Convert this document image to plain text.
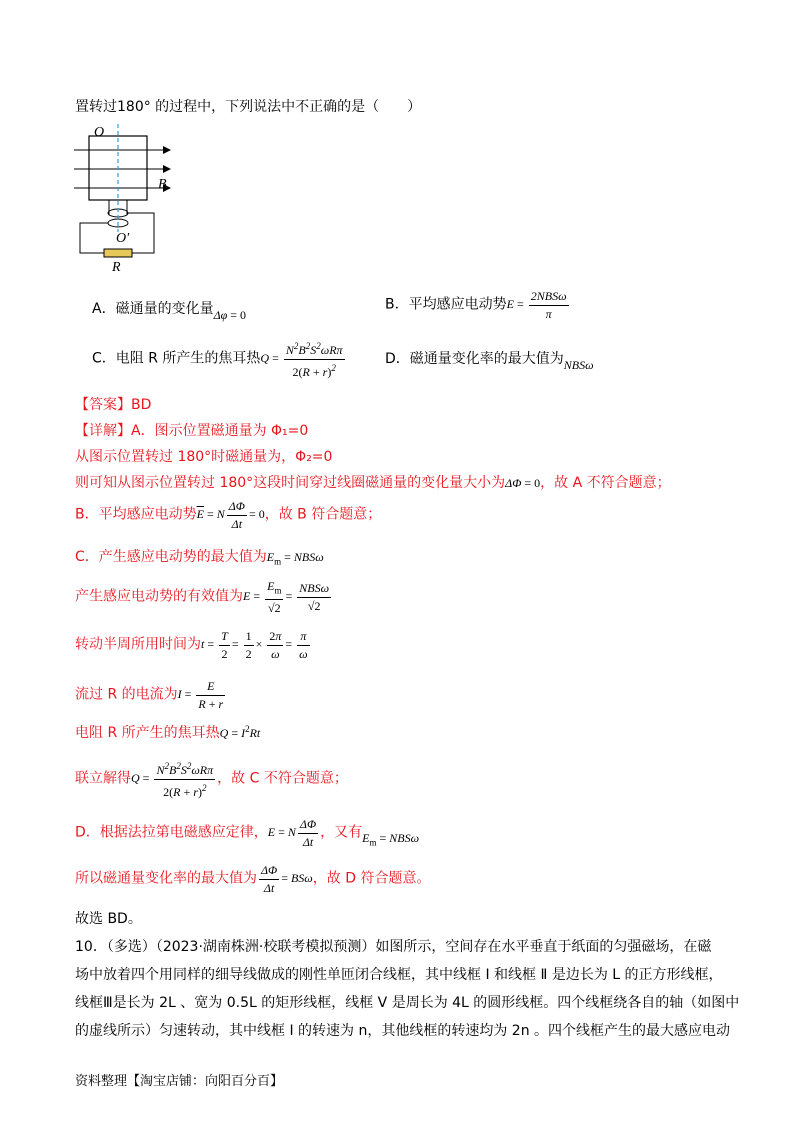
置转过180° 的过程中，下列说法中不正确的是（　　）
O
B
O′
R
A．磁通量的变化量Δφ = 0
B．平均感应电动势$E = \frac{\text{2NBSω}}{\pi}$
C．电阻 R 所产生的焦耳热$Q = \frac{N^2B^2S^2\omega R\pi}{2(R + r)^2}$	D．磁通量变化率的最大值为NBSω
【答案】BD
【详解】A．图示位置磁通量为 Φ₁=0
从图示位置转过 180°时磁通量为，Φ₂=0
则可知从图示位置转过 180°这段时间穿过线圈磁通量的变化量大小为ΔΦ = 0，故 A 不符合题意；
B．平均感应电动势$\overline{E} = N \frac{\Delta\Phi}{\Delta t} = 0$，故 B 符合题意；
C．产生感应电动势的最大值为$E_m = NBS\omega$
产生感应电动势的有效值为$E = \frac{E_m}{√2} = \frac{\text{NBSω}}{√2}$
转动半周所用时间为$t = \frac{T}{2} = \frac{1}{2} \times \frac{2\pi}{\omega} = \frac{\pi}{\omega}$
流过 R 的电流为$I = \frac{E}{R + r}$
电阻 R 所产生的焦耳热$Q = I^2Rt$
联立解得$Q = \frac{N^2B^2S^2\omega R\pi}{2(R + r)^2}$ ，故 C 不符合题意；
D．根据法拉第电磁感应定律，E = N $\frac{\Delta\Phi}{\Delta t}$ ，又有$E_m = NBS\omega$
所以磁通量变化率的最大值为 $\frac{\Delta\Phi}{\Delta t} = BS\omega$，故 D 符合题意。
故选 BD。
10．（多选）（2023·湖南株洲·校联考模拟预测）如图所示，空间存在水平垂直于纸面的匀强磁场，在磁
场中放着四个用同样的细导线做成的刚性单匝闭合线框，其中线框 Ⅰ 和线框 Ⅱ 是边长为 L 的正方形线框，
线框Ⅲ是长为 2L 、宽为 0.5L 的矩形线框，线框 V 是周长为 4L 的圆形线框。四个线框绕各自的轴（如图中
的虚线所示）匀速转动，其中线框 Ⅰ 的转速为 n，其他线框的转速均为 2n 。四个线框产生的最大感应电动
资料整理【淘宝店铺：向阳百分百】
